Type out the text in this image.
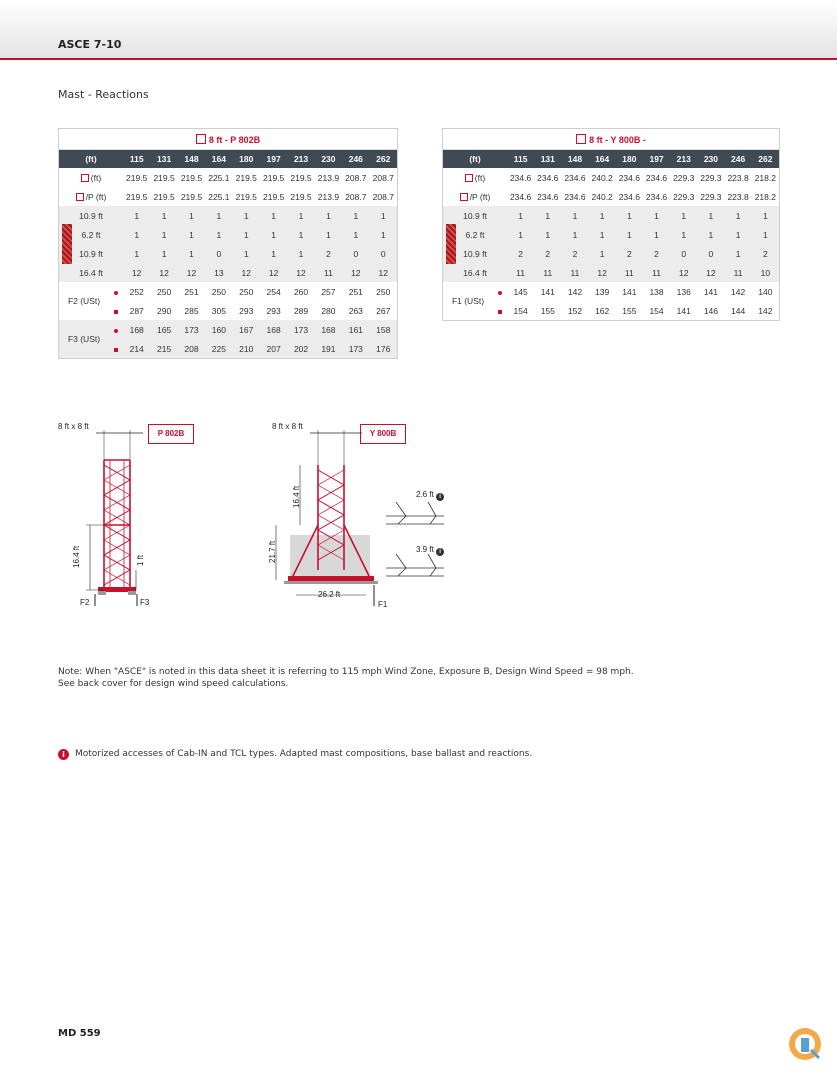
ASCE 7-10
Mast - Reactions
8 ft - P 802B											
(ft)		115	131	148	164	180	197	213	230	246	262
(ft)		219.5	219.5	219.5	225.1	219.5	219.5	219.5	213.9	208.7	208.7
/P (ft)		219.5	219.5	219.5	225.1	219.5	219.5	219.5	213.9	208.7	208.7
10.9 ft		1	1	1	1	1	1	1	1	1	1
6.2 ft		1	1	1	1	1	1	1	1	1	1
10.9 ft		1	1	1	0	1	1	1	2	0	0
16.4 ft		12	12	12	13	12	12	12	11	12	12
F2 (USt)		252	250	251	250	250	254	260	257	251	250
		287	290	285	305	293	293	289	280	263	267
F3 (USt)		168	165	173	160	167	168	173	168	161	158
		214	215	208	225	210	207	202	191	173	176
8 ft - Y 800B -											
(ft)		115	131	148	164	180	197	213	230	246	262
(ft)		234.6	234.6	234.6	240.2	234.6	234.6	229.3	229.3	223.8	218.2
/P (ft)		234.6	234.6	234.6	240.2	234.6	234.6	229.3	229.3	223.8	218.2
10.9 ft		1	1	1	1	1	1	1	1	1	1
6.2 ft		1	1	1	1	1	1	1	1	1	1
10.9 ft		2	2	2	1	2	2	0	0	1	2
16.4 ft		11	11	11	12	11	11	12	12	11	10
F1 (USt)		145	141	142	139	141	138	136	141	142	140
		154	155	152	162	155	154	141	146	144	142
8 ft x 8 ft
P 802B
16.4 ft	1 ft
F2	F3
8 ft x 8 ft
Y 800B
16.4 ft
21.7 ft
26.2 ft
F1
2.6 ft i
3.9 ft i
Note: When "ASCE" is noted in this data sheet it is referring to 115 mph Wind Zone, Exposure B, Design Wind Speed = 98 mph.
See back cover for design wind speed calculations.
i Motorized accesses of Cab-IN and TCL types. Adapted mast compositions, base ballast and reactions.
MD 559
